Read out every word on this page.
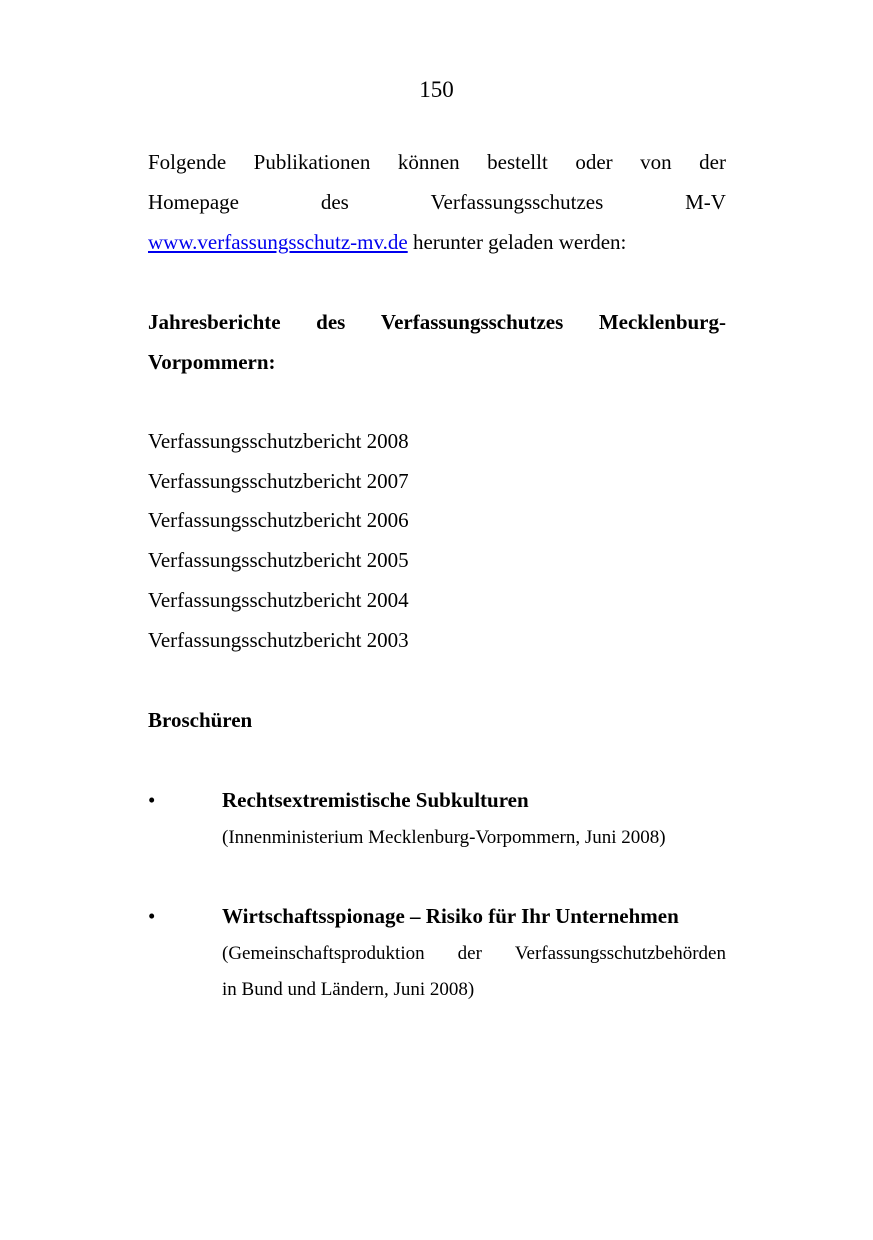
150
Folgende Publikationen können bestellt oder von der
Homepage	des	Verfassungsschutzes	M-V
www.verfassungsschutz-mv.de herunter geladen werden:
Jahresberichte des Verfassungsschutzes Mecklenburg-
Vorpommern:
Verfassungsschutzbericht 2008
Verfassungsschutzbericht 2007
Verfassungsschutzbericht 2006
Verfassungsschutzbericht 2005
Verfassungsschutzbericht 2004
Verfassungsschutzbericht 2003
Broschüren
•	Rechtsextremistische Subkulturen
(Innenministerium Mecklenburg-Vorpommern, Juni 2008)
•	Wirtschaftsspionage – Risiko für Ihr Unternehmen
(Gemeinschaftsproduktion der Verfassungsschutzbehörden
in Bund und Ländern, Juni 2008)
